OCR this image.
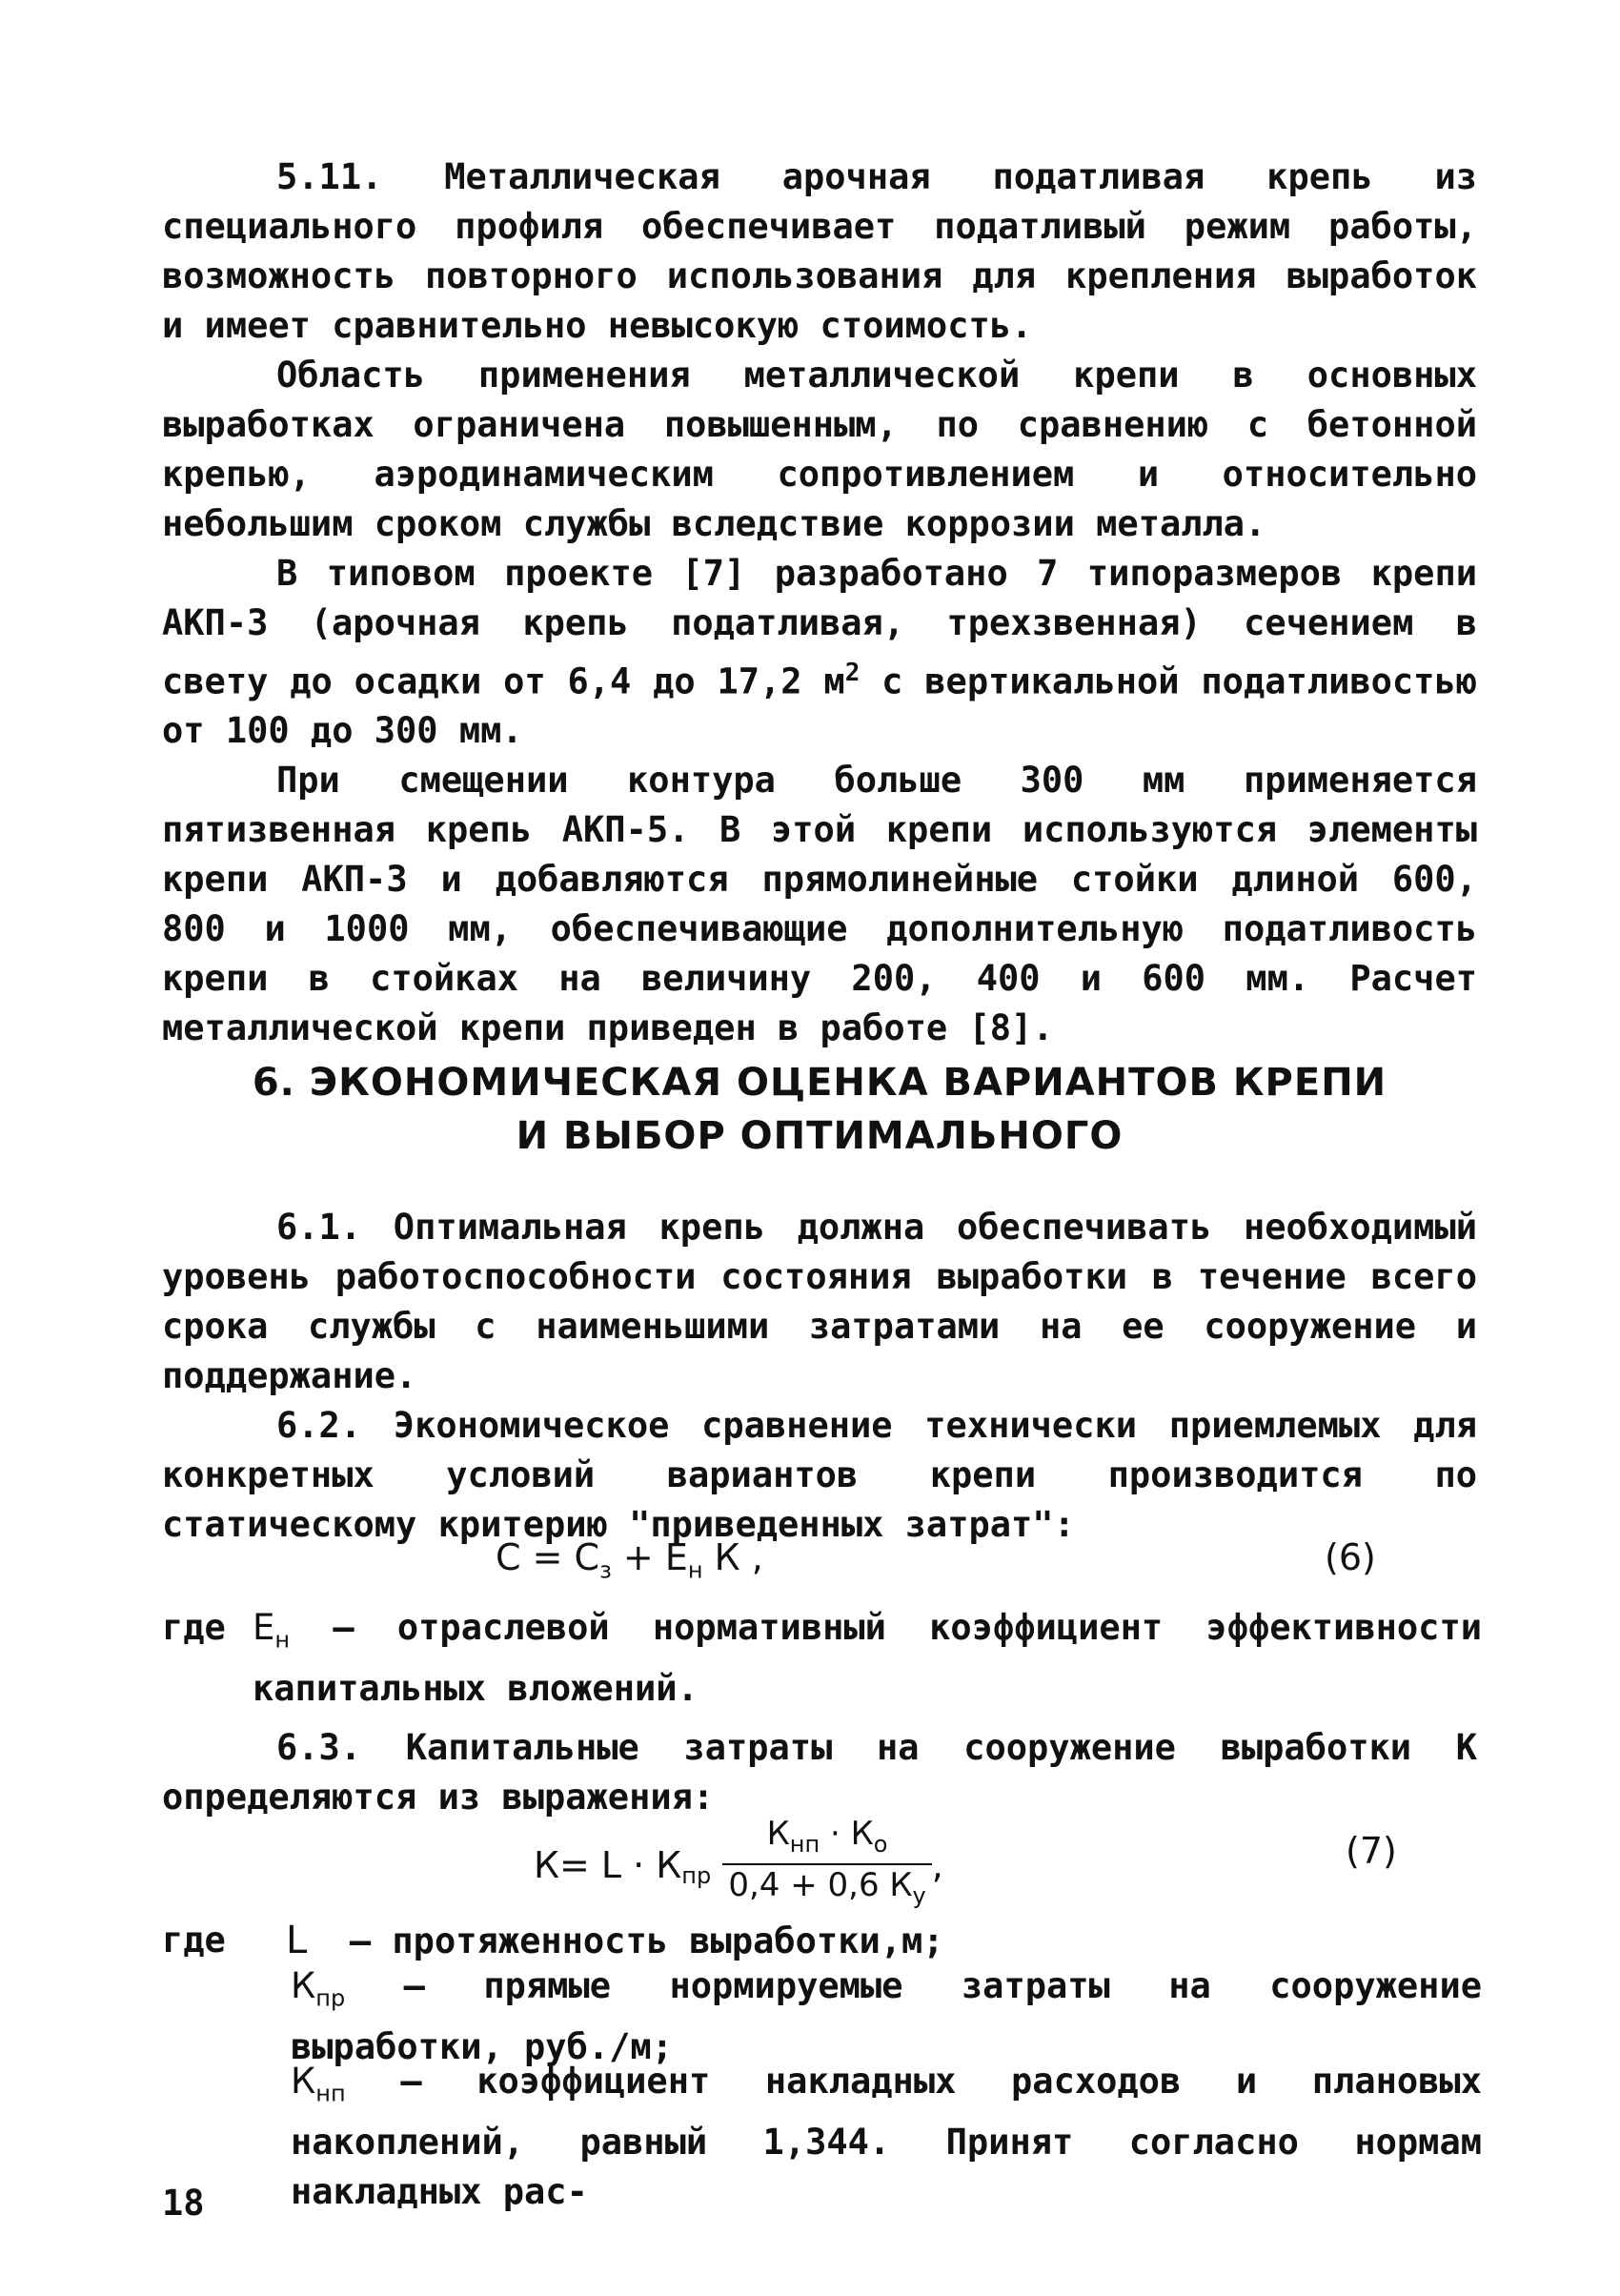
5.11. Металлическая арочная податливая крепь из специального профиля обеспечивает податливый режим работы, возможность повторного использования для крепления выработок и имеет сравнительно невысокую стоимость.

Область применения металлической крепи в основных выработках ограничена повышенным, по сравнению с бетонной крепью, аэродинамическим сопротивлением и относительно небольшим сроком службы вследствие коррозии металла.

В типовом проекте [7] разработано 7 типоразмеров крепи АКП-3 (арочная крепь податливая, трехзвенная) сечением в свету до осадки от 6,4 до 17,2 $м^2$ с вертикальной податливостью от 100 до 300 мм.

При смещении контура больше 300 мм применяется пятизвенная крепь АКП-5. В этой крепи используются элементы крепи АКП-3 и добавляются прямолинейные стойки длиной 600, 800 и 1000 мм, обеспечивающие дополнительную податливость крепи в стойках на величину 200, 400 и 600 мм. Расчет металлической крепи приведен в работе [8].

6. ЭКОНОМИЧЕСКАЯ ОЦЕНКА ВАРИАНТОВ КРЕПИ
И ВЫБОР ОПТИМАЛЬНОГО

6.1. Оптимальная крепь должна обеспечивать необходимый уровень работоспособности состояния выработки в течение всего срока службы с наименьшими затратами на ее сооружение и поддержание.

6.2. Экономическое сравнение технически приемлемых для конкретных условий вариантов крепи производится по статическому критерию "приведенных затрат":

$С = С_з + Е_н$ К ,	(6)
где $Е_н$ – отраслевой нормативный коэффициент эффективности капитальных вложений.

6.3. Капитальные затраты на сооружение выработки К определяются из выражения:

$К= L \cdot К_{пр} \frac{К_{нп} \cdot К_о}{0,4 + 0,6 К_у}$ ,	(7)
где L – протяженность выработки,м;
$К_{пр}$ – прямые нормируемые затраты на сооружение выработки, руб./м;
$К_{нп}$ – коэффициент накладных расходов и плановых накоплений, равный 1,344. Принят согласно нормам накладных рас-
18
